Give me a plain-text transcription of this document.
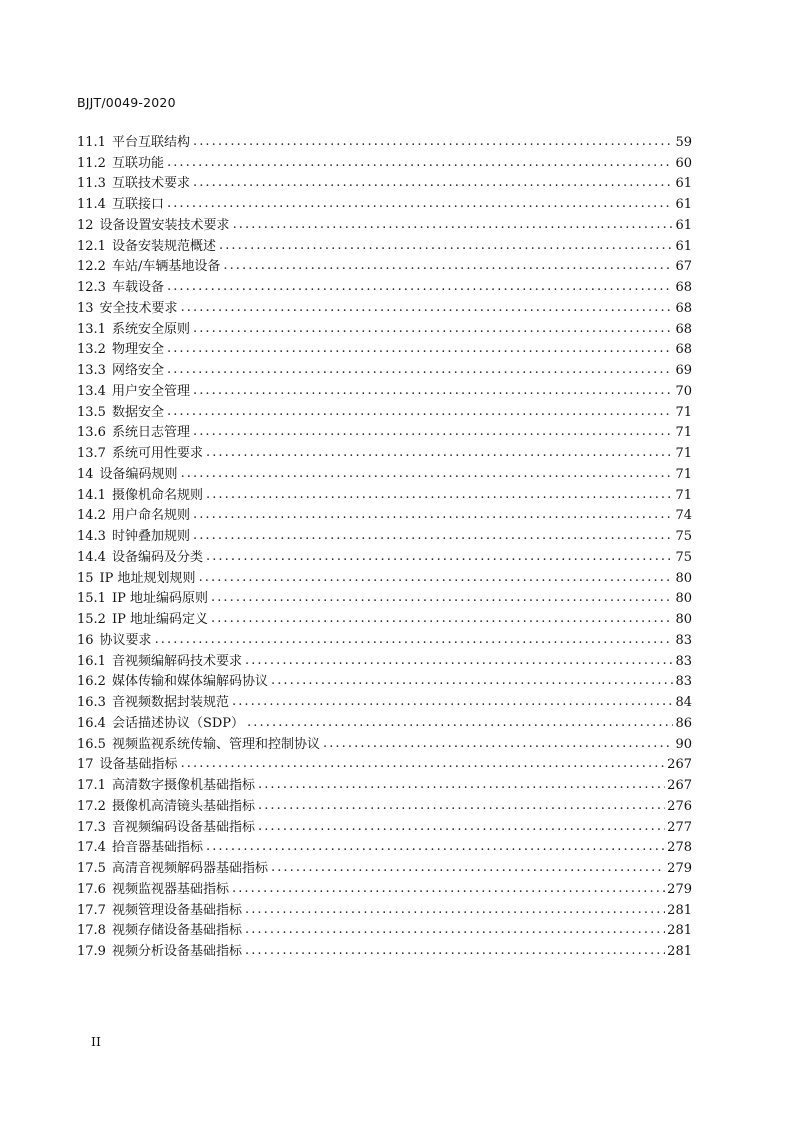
BJJT/0049-2020
11.1 平台互联结构 .....	59
11.2 互联功能 .....	60
11.3 互联技术要求 .....	61
11.4 互联接口 .....	61
12 设备设置安装技术要求 .....	61
12.1 设备安装规范概述 .....	61
12.2 车站/车辆基地设备 .....	67
12.3 车载设备 .....	68
13 安全技术要求 .....	68
13.1 系统安全原则 .....	68
13.2 物理安全 .....	68
13.3 网络安全 .....	69
13.4 用户安全管理 .....	70
13.5 数据安全 .....	71
13.6 系统日志管理 .....	71
13.7 系统可用性要求 .....	71
14 设备编码规则 .....	71
14.1 摄像机命名规则 .....	71
14.2 用户命名规则 .....	74
14.3 时钟叠加规则 .....	75
14.4 设备编码及分类 .....	75
15 IP 地址规划规则 .....	80
15.1 IP 地址编码原则 .....	80
15.2 IP 地址编码定义 .....	80
16 协议要求 .....	83
16.1 音视频编解码技术要求 .....	83
16.2 媒体传输和媒体编解码协议 .....	83
16.3 音视频数据封装规范 .....	84
16.4 会话描述协议（SDP） .....	86
16.5 视频监视系统传输、管理和控制协议 .....	90
17 设备基础指标 .....	267
17.1 高清数字摄像机基础指标 .....	267
17.2 摄像机高清镜头基础指标 .....	276
17.3 音视频编码设备基础指标 .....	277
17.4 拾音器基础指标 .....	278
17.5 高清音视频解码器基础指标 .....	279
17.6 视频监视器基础指标 .....	279
17.7 视频管理设备基础指标 .....	281
17.8 视频存储设备基础指标 .....	281
17.9 视频分析设备基础指标 .....	281
II
